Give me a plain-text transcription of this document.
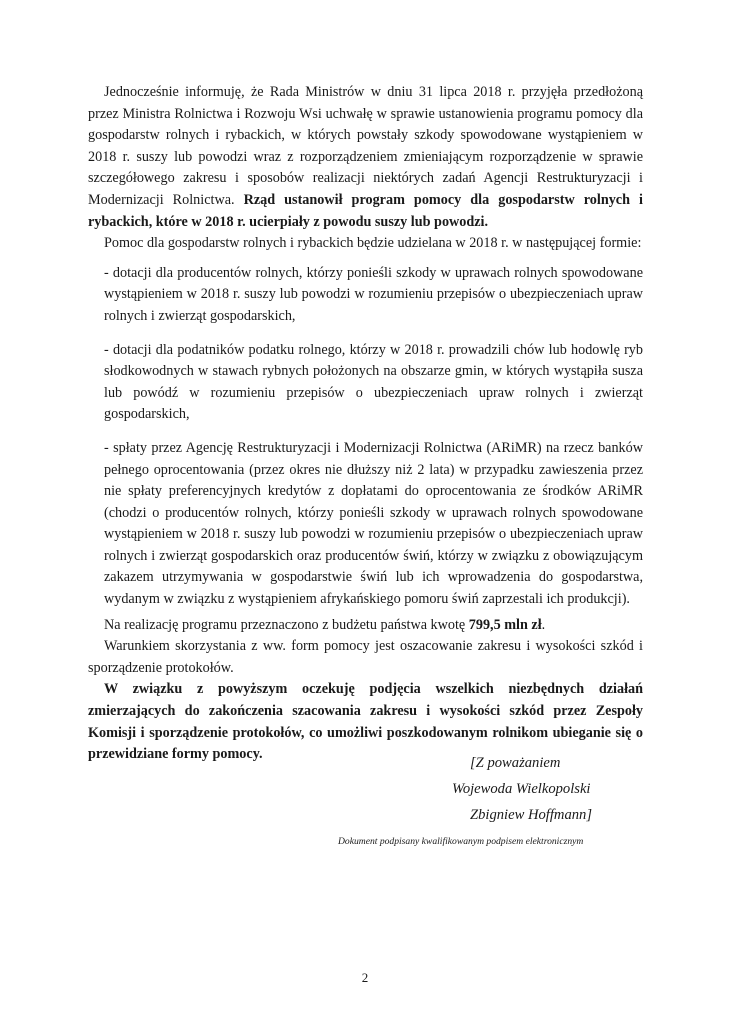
Jednocześnie informuję, że Rada Ministrów w dniu 31 lipca 2018 r. przyjęła przedłożoną przez Ministra Rolnictwa i Rozwoju Wsi uchwałę w sprawie ustanowienia programu pomocy dla gospodarstw rolnych i rybackich, w których powstały szkody spowodowane wystąpieniem w 2018 r. suszy lub powodzi wraz z rozporządzeniem zmieniającym rozporządzenie w sprawie szczegółowego zakresu i sposobów realizacji niektórych zadań Agencji Restrukturyzacji i Modernizacji Rolnictwa. Rząd ustanowił program pomocy dla gospodarstw rolnych i rybackich, które w 2018 r. ucierpiały z powodu suszy lub powodzi.

Pomoc dla gospodarstw rolnych i rybackich będzie udzielana w 2018 r. w następującej formie:

- dotacji dla producentów rolnych, którzy ponieśli szkody w uprawach rolnych spowodowane wystąpieniem w 2018 r. suszy lub powodzi w rozumieniu przepisów o ubezpieczeniach upraw rolnych i zwierząt gospodarskich,

- dotacji dla podatników podatku rolnego, którzy w 2018 r. prowadzili chów lub hodowlę ryb słodkowodnych w stawach rybnych położonych na obszarze gmin, w których wystąpiła susza lub powódź w rozumieniu przepisów o ubezpieczeniach upraw rolnych i zwierząt gospodarskich,

- spłaty przez Agencję Restrukturyzacji i Modernizacji Rolnictwa (ARiMR) na rzecz banków pełnego oprocentowania (przez okres nie dłuższy niż 2 lata) w przypadku zawieszenia przez nie spłaty preferencyjnych kredytów z dopłatami do oprocentowania ze środków ARiMR (chodzi o producentów rolnych, którzy ponieśli szkody w uprawach rolnych spowodowane wystąpieniem w 2018 r. suszy lub powodzi w rozumieniu przepisów o ubezpieczeniach upraw rolnych i zwierząt gospodarskich oraz producentów świń, którzy w związku z obowiązującym zakazem utrzymywania w gospodarstwie świń lub ich wprowadzenia do gospodarstwa, wydanym w związku z wystąpieniem afrykańskiego pomoru świń zaprzestali ich produkcji).

Na realizację programu przeznaczono z budżetu państwa kwotę 799,5 mln zł.

Warunkiem skorzystania z ww. form pomocy jest oszacowanie zakresu i wysokości szkód i sporządzenie protokołów.

W związku z powyższym oczekuję podjęcia wszelkich niezbędnych działań zmierzających do zakończenia szacowania zakresu i wysokości szkód przez Zespoły Komisji i sporządzenie protokołów, co umożliwi poszkodowanym rolnikom ubieganie się o przewidziane formy pomocy.

[Z poważaniem
Wojewoda Wielkopolski
Zbigniew Hoffmann]
Dokument podpisany kwalifikowanym podpisem elektronicznym
2
